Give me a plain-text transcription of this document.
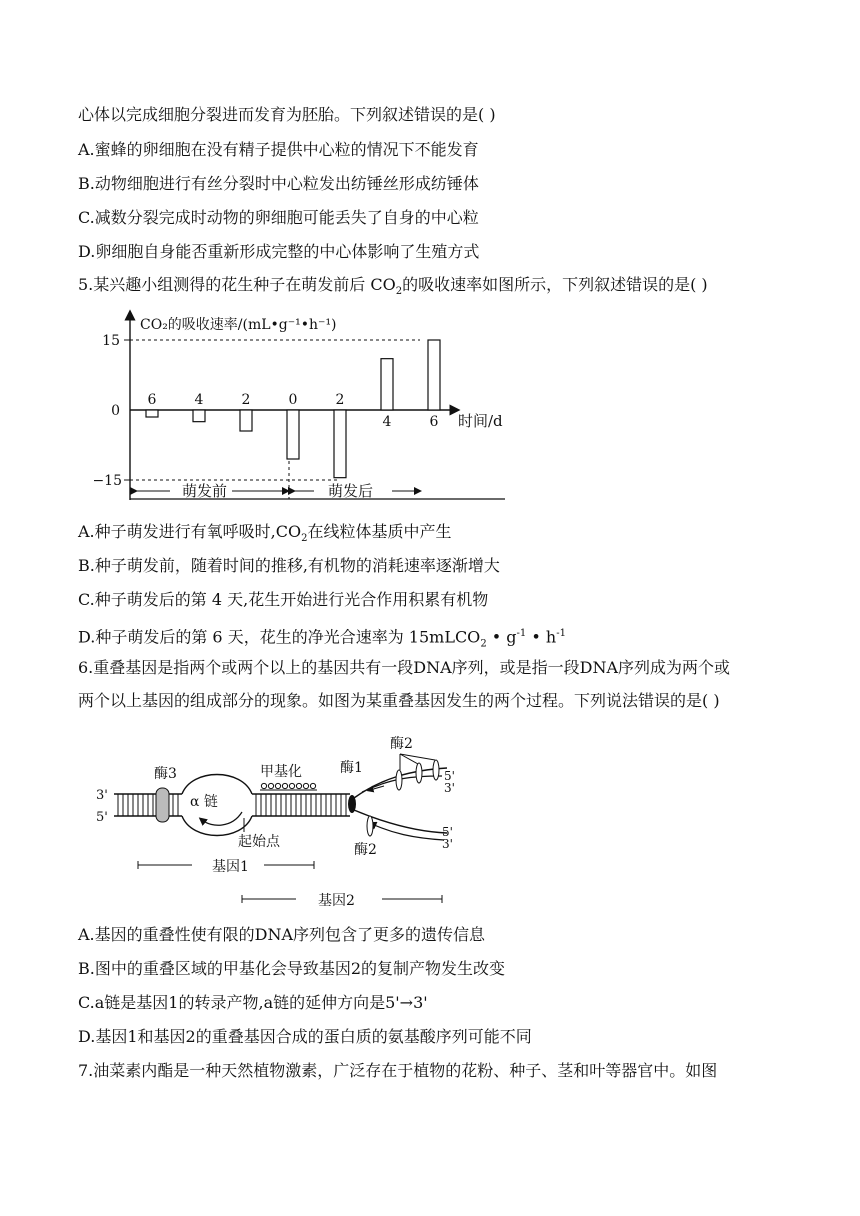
心体以完成细胞分裂进而发育为胚胎。下列叙述错误的是( )
A.蜜蜂的卵细胞在没有精子提供中心粒的情况下不能发育
B.动物细胞进行有丝分裂时中心粒发出纺锤丝形成纺锤体
C.减数分裂完成时动物的卵细胞可能丢失了自身的中心粒
D.卵细胞自身能否重新形成完整的中心体影响了生殖方式
5.某兴趣小组测得的花生种子在萌发前后 $CO_2$的吸收速率如图所示，下列叙述错误的是( )
15
0
−15
CO₂的吸收速率/(mL•g⁻¹•h⁻¹)
时间/d
6	4	2	0	2
4	6
萌发前	萌发后
A.种子萌发进行有氧呼吸时$,CO_2$在线粒体基质中产生
B.种子萌发前，随着时间的推移,有机物的消耗速率逐渐增大
C.种子萌发后的第 4 天,花生开始进行光合作用积累有机物
D.种子萌发后的第 6 天，花生的净光合速率为 15mLCO$_2$ • $g^{-1}$ • $h^{-1}$
6.重叠基因是指两个或两个以上的基因共有一段DNA序列，或是指一段DNA序列成为两个或
两个以上基因的组成部分的现象。如图为某重叠基因发生的两个过程。下列说法错误的是( )
酶3
α 链
甲基化	酶1
酶2
酶2
起始点
3'
5'
5'
3'
5'
3'
基因1
基因2
A.基因的重叠性使有限的DNA序列包含了更多的遗传信息
B.图中的重叠区域的甲基化会导致基因2的复制产物发生改变
C.a链是基因1的转录产物,a链的延伸方向是5'→3'
D.基因1和基因2的重叠基因合成的蛋白质的氨基酸序列可能不同
7.油菜素内酯是一种天然植物激素，广泛存在于植物的花粉、种子、茎和叶等器官中。如图
